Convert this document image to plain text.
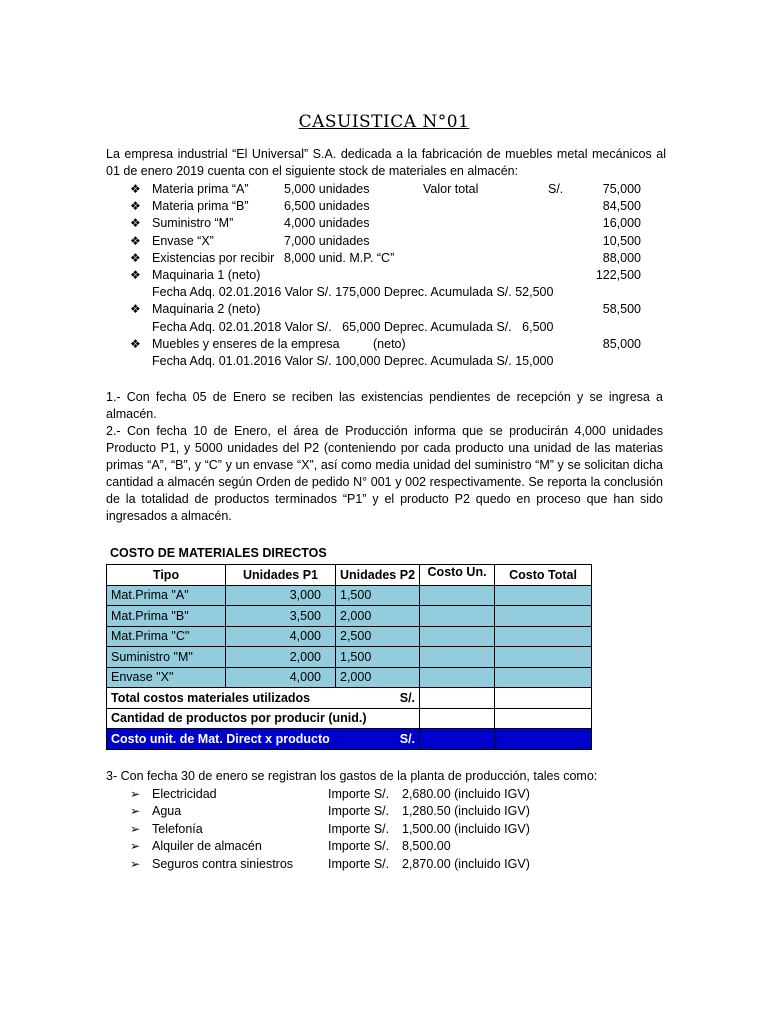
CASUISTICA N°01
La empresa industrial “El Universal” S.A. dedicada a la fabricación de muebles metal mecánicos al 01 de enero 2019 cuenta con el siguiente stock de materiales en almacén:
❖ Materia prima “A”	5,000 unidades	Valor total	S/.	75,000
❖ Materia prima “B”	6,500 unidades	84,500
❖ Suministro “M”	4,000 unidades	16,000
❖ Envase “X”	7,000 unidades	10,500
❖ Existencias por recibir 8,000 unid. M.P. “C”	88,000
❖ Maquinaria 1 (neto)	122,500
Fecha Adq. 02.01.2016 Valor S/. 175,000 Deprec. Acumulada S/. 52,500
❖ Maquinaria 2 (neto)	58,500
Fecha Adq. 02.01.2018 Valor S/.   65,000 Deprec. Acumulada S/.   6,500
❖ Muebles y enseres de la empresa	(neto)	85,000
Fecha Adq. 01.01.2016 Valor S/. 100,000 Deprec. Acumulada S/. 15,000

1.- Con fecha 05 de Enero se reciben las existencias pendientes de recepción y se ingresa a almacén.

2.- Con fecha 10 de Enero, el área de Producción informa que se producirán 4,000 unidades Producto P1, y 5000 unidades del P2 (conteniendo por cada producto una unidad de las materias primas “A”, “B”, y “C” y un envase “X”, así como media unidad del suministro “M” y se solicitan dicha cantidad a almacén según Orden de pedido N° 001 y 002 respectivamente. Se reporta la conclusión de la totalidad de productos terminados “P1” y el producto P2 quedo en proceso que han sido ingresados a almacén.

COSTO DE MATERIALES DIRECTOS
Tipo	Unidades P1	Unidades P2	Costo Un.	Costo Total
Mat.Prima "A"	3,000	1,500		
Mat.Prima "B"	3,500	2,000		
Mat.Prima "C"	4,000	2,500		
Suministro "M"	2,000	1,500		
Envase "X"	4,000	2,000		
Total costos materiales utilizados S/.				

Cantidad de productos por producir (unid.)				
Costo unit. de Mat. Direct x producto S/.				

3- Con fecha 30 de enero se registran los gastos de la planta de producción, tales como:
➢ Electricidad	Importe S/. 2,680.00 (incluido IGV)
➢ Agua	Importe S/. 1,280.50 (incluido IGV)
➢ Telefonía	Importe S/. 1,500.00 (incluido IGV)
➢ Alquiler de almacén	Importe S/. 8,500.00
➢ Seguros contra siniestros	Importe S/. 2,870.00 (incluido IGV)
